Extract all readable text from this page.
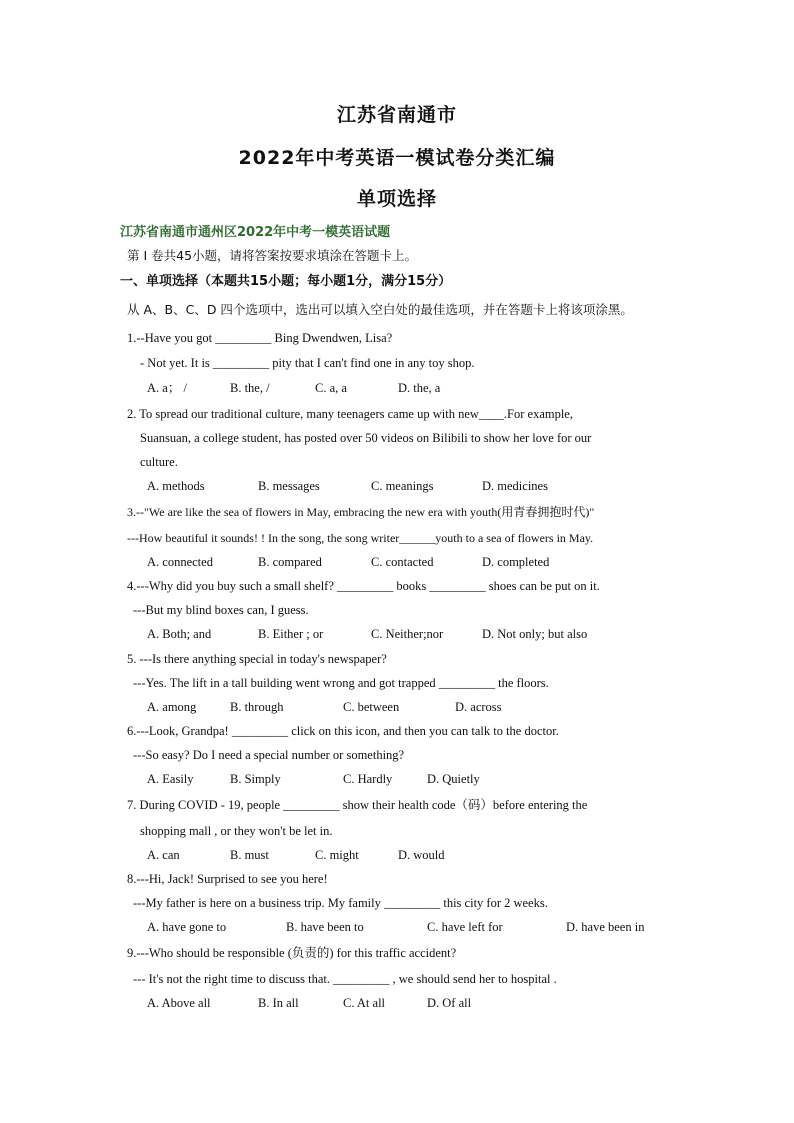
江苏省南通市
2022年中考英语一模试卷分类汇编
单项选择
江苏省南通市通州区2022年中考一模英语试题
第 I 卷共45小题，请将答案按要求填涂在答题卡上。
一、单项选择（本题共15小题；每小题1分，满分15分）
从 A、B、C、D 四个选项中，选出可以填入空白处的最佳选项，并在答题卡上将该项涂黑。
1.--Have you got _________ Bing Dwendwen, Lisa?
- Not yet. It is _________ pity that I can't find one in any toy shop.
A. a； /	B. the, /	C. a, a	D. the, a
2. To spread our traditional culture, many teenagers came up with new____.For example,
Suansuan, a college student, has posted over 50 videos on Bilibili to show her love for our
culture.
A. methods	B. messages	C. meanings	D. medicines
3.--"We are like the sea of flowers in May, embracing the new era with youth(用青春拥抱时代)"
---How beautiful it sounds! ! In the song, the song writer______youth to a sea of flowers in May.
A. connected	B. compared	C. contacted	D. completed
4.---Why did you buy such a small shelf? _________ books _________ shoes can be put on it.
---But my blind boxes can, I guess.
A. Both; and	B. Either ; or	C. Neither;nor	D. Not only; but also
5. ---Is there anything special in today's newspaper?
---Yes. The lift in a tall building went wrong and got trapped _________ the floors.
A. among	B. through	C. between	D. across
6.---Look, Grandpa! _________ click on this icon, and then you can talk to the doctor.
---So easy? Do I need a special number or something?
A. Easily	B. Simply	C. Hardly	D. Quietly
7. During COVID - 19, people _________ show their health code（码）before entering the
shopping mall , or they won't be let in.
A. can	B. must	C. might	D. would
8.---Hi, Jack! Surprised to see you here!
---My father is here on a business trip. My family _________ this city for 2 weeks.
A. have gone to	B. have been to	C. have left for	D. have been in
9.---Who should be responsible (负责的) for this traffic accident?
--- It's not the right time to discuss that. _________ , we should send her to hospital .
A. Above all	B. In all	C. At all	D. Of all
